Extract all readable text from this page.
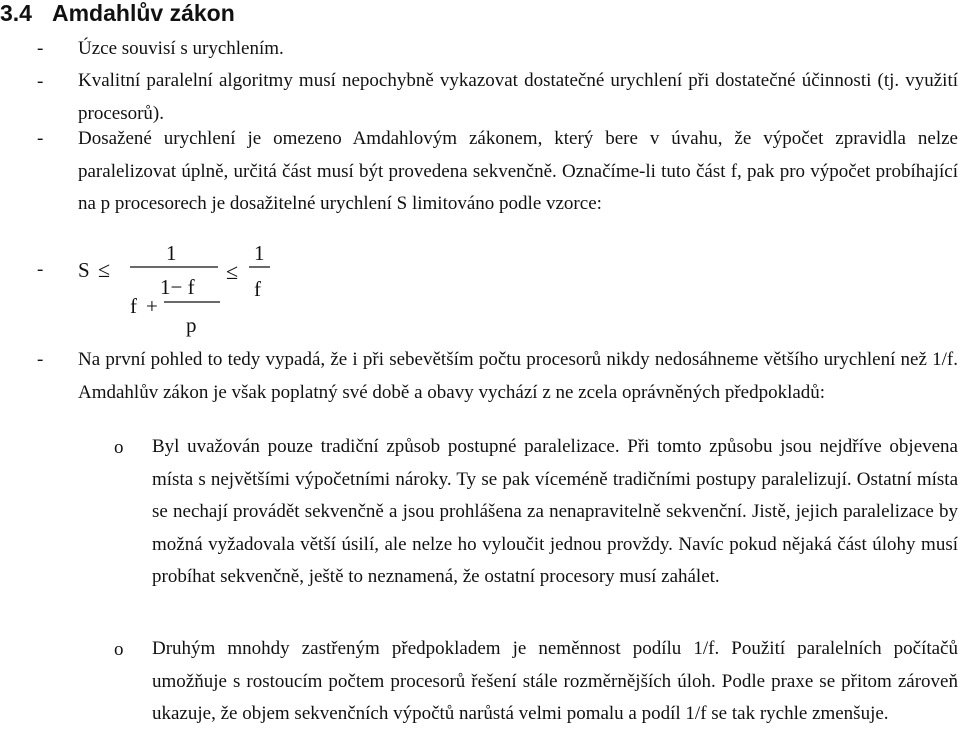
3.4 Amdahlův zákon
- Úzce souvisí s urychlením.
- Kvalitní paralelní algoritmy musí nepochybně vykazovat dostatečné urychlení při dostatečné účinnosti (tj. využití procesorů).
- Dosažené urychlení je omezeno Amdahlovým zákonem, který bere v úvahu, že výpočet zpravidla nelze paralelizovat úplně, určitá část musí být provedena sekvenčně. Označíme-li tuto část f, pak pro výpočet probíhající na p procesorech je dosažitelné urychlení S limitováno podle vzorce:
- S ≤
1
1− f
f +
p
≤
1
f
- Na první pohled to tedy vypadá, že i při sebevětším počtu procesorů nikdy nedosáhneme většího urychlení než 1/f. Amdahlův zákon je však poplatný své době a obavy vychází z ne zcela oprávněných předpokladů:
o Byl uvažován pouze tradiční způsob postupné paralelizace. Při tomto způsobu jsou nejdříve objevena místa s největšími výpočetními nároky. Ty se pak víceméně tradičními postupy paralelizují. Ostatní místa se nechají provádět sekvenčně a jsou prohlášena za nenapravitelně sekvenční. Jistě, jejich paralelizace by možná vyžadovala větší úsilí, ale nelze ho vyloučit jednou provždy. Navíc pokud nějaká část úlohy musí probíhat sekvenčně, ještě to neznamená, že ostatní procesory musí zahálet.
o Druhým mnohdy zastřeným předpokladem je neměnnost podílu 1/f. Použití paralelních počítačů umožňuje s rostoucím počtem procesorů řešení stále rozměrnějších úloh. Podle praxe se přitom zároveň ukazuje, že objem sekvenčních výpočtů narůstá velmi pomalu a podíl 1/f se tak rychle zmenšuje.
